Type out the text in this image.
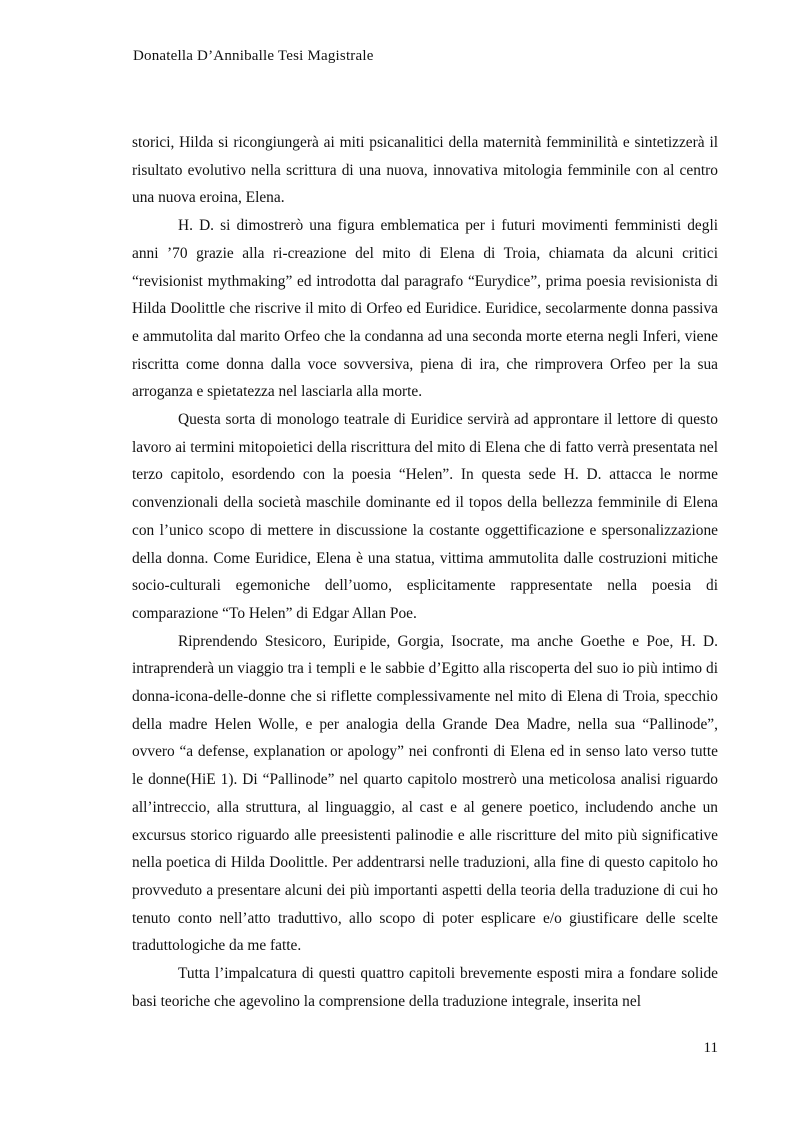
Donatella D’Anniballe Tesi Magistrale

storici, Hilda si ricongiungerà ai miti psicanalitici della maternità femminilità e sintetizzerà il risultato evolutivo nella scrittura di una nuova, innovativa mitologia femminile con al centro una nuova eroina, Elena.

H. D. si dimostrerò una figura emblematica per i futuri movimenti femministi degli anni ’70 grazie alla ri-creazione del mito di Elena di Troia, chiamata da alcuni critici “revisionist mythmaking” ed introdotta dal paragrafo “Eurydice”, prima poesia revisionista di Hilda Doolittle che riscrive il mito di Orfeo ed Euridice. Euridice, secolarmente donna passiva e ammutolita dal marito Orfeo che la condanna ad una seconda morte eterna negli Inferi, viene riscritta come donna dalla voce sovversiva, piena di ira, che rimprovera Orfeo per la sua arroganza e spietatezza nel lasciarla alla morte.

Questa sorta di monologo teatrale di Euridice servirà ad approntare il lettore di questo lavoro ai termini mitopoietici della riscrittura del mito di Elena che di fatto verrà presentata nel terzo capitolo, esordendo con la poesia “Helen”. In questa sede H. D. attacca le norme convenzionali della società maschile dominante ed il topos della bellezza femminile di Elena con l’unico scopo di mettere in discussione la costante oggettificazione e spersonalizzazione della donna. Come Euridice, Elena è una statua, vittima ammutolita dalle costruzioni mitiche socio-culturali egemoniche dell’uomo, esplicitamente rappresentate nella poesia di comparazione “To Helen” di Edgar Allan Poe.

Riprendendo Stesicoro, Euripide, Gorgia, Isocrate, ma anche Goethe e Poe, H. D. intraprenderà un viaggio tra i templi e le sabbie d’Egitto alla riscoperta del suo io più intimo di donna-icona-delle-donne che si riflette complessivamente nel mito di Elena di Troia, specchio della madre Helen Wolle, e per analogia della Grande Dea Madre, nella sua “Pallinode”, ovvero “a defense, explanation or apology” nei confronti di Elena ed in senso lato verso tutte le donne(HiE 1). Di “Pallinode” nel quarto capitolo mostrerò una meticolosa analisi riguardo all’intreccio, alla struttura, al linguaggio, al cast e al genere poetico, includendo anche un excursus storico riguardo alle preesistenti palinodie e alle riscritture del mito più significative nella poetica di Hilda Doolittle. Per addentrarsi nelle traduzioni, alla fine di questo capitolo ho provveduto a presentare alcuni dei più importanti aspetti della teoria della traduzione di cui ho tenuto conto nell’atto traduttivo, allo scopo di poter esplicare e/o giustificare delle scelte traduttologiche da me fatte.

Tutta l’impalcatura di questi quattro capitoli brevemente esposti mira a fondare solide basi teoriche che agevolino la comprensione della traduzione integrale, inserita nel

11
